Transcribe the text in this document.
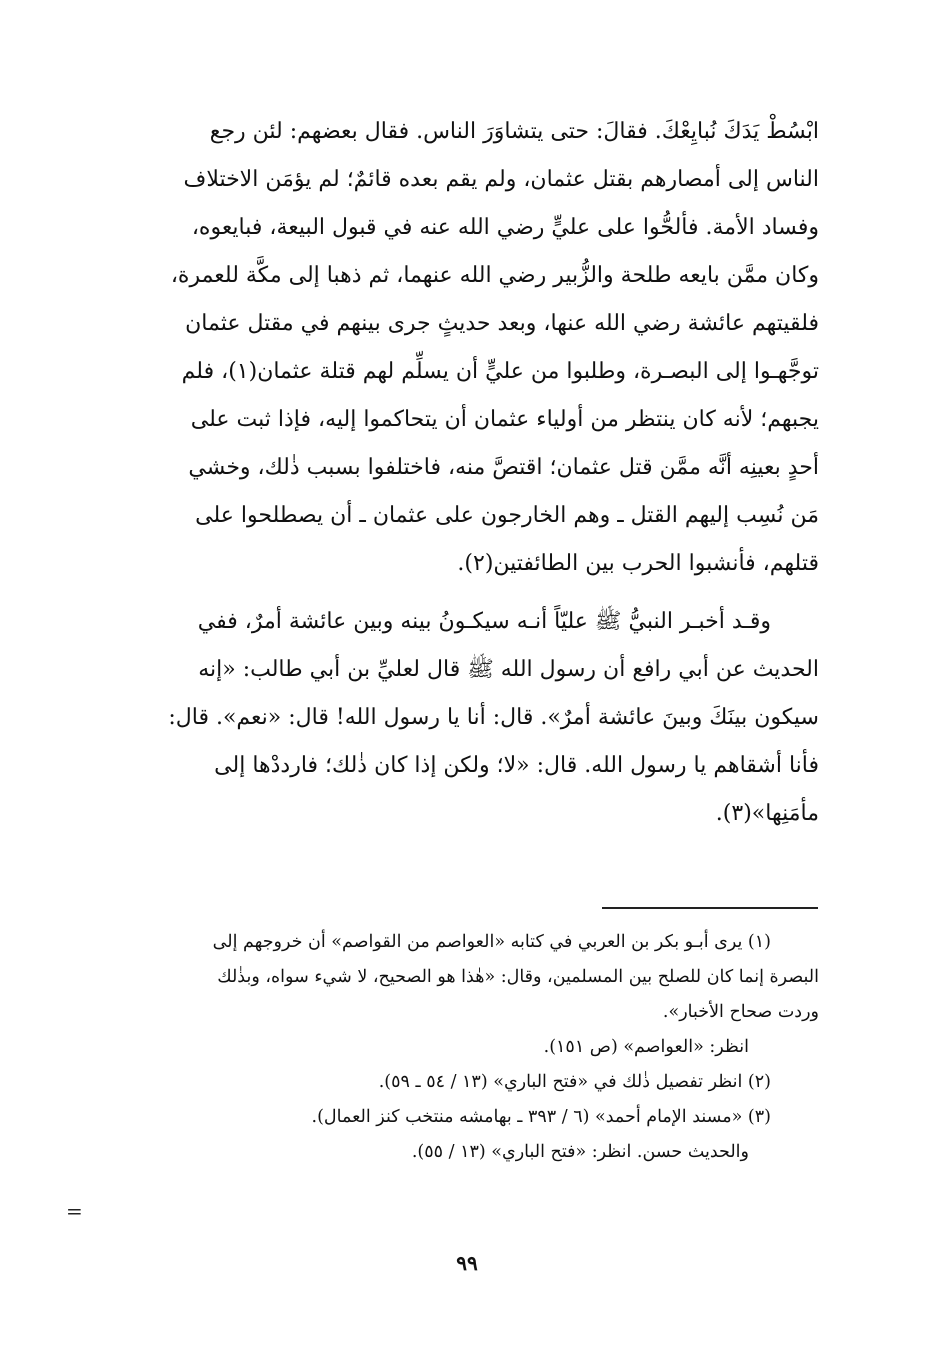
ابْسُطْ يَدَكَ نُبايِعْكَ. فقالَ: حتى يتشاوَرَ الناس. فقال بعضهم: لئن رجع
الناس إلى أمصارهم بقتل عثمان، ولم يقم بعده قائمٌ؛ لم يؤمَن الاختلاف
وفساد الأمة. فألحُّوا على عليٍّ رضي الله عنه في قبول البيعة، فبايعوه،
وكان ممَّن بايعه طلحة والزُّبير رضي الله عنهما، ثم ذهبا إلى مكَّة للعمرة،
فلقيتهم عائشة رضي الله عنها، وبعد حديثٍ جرى بينهم في مقتل عثمان
توجَّهـوا إلى البصـرة، وطلبوا من عليٍّ أن يسلِّم لهم قتلة عثمان(١)، فلم
يجبهم؛ لأنه كان ينتظر من أولياء عثمان أن يتحاكموا إليه، فإذا ثبت على
أحدٍ بعينِه أنَّه ممَّن قتل عثمان؛ اقتصَّ منه، فاختلفوا بسبب ذٰلك، وخشي
مَن نُسِب إليهم القتل ـ وهم الخارجون على عثمان ـ أن يصطلحوا على
قتلهم، فأنشبوا الحرب بين الطائفتين(٢).
وقـد أخبـر النبيُّ ﷺ عليّاً أنـه سيكـونُ بينه وبين عائشة أمرٌ، ففي
الحديث عن أبي رافع أن رسول الله ﷺ قال لعليِّ بن أبي طالب: «إنه
سيكون بينَكَ وبينَ عائشة أمرٌ». قال: أنا يا رسول الله! قال: «نعم». قال:
فأنا أشقاهم يا رسول الله. قال: «لا؛ ولكن إذا كان ذٰلك؛ فارددْها إلى
مأمَنِها»(٣).
(١) يرى أبـو بكر بن العربي في كتابه «العواصم من القواصم» أن خروجهم إلى
البصرة إنما كان للصلح بين المسلمين، وقال: «هٰذا هو الصحيح، لا شيء سواه، وبذٰلك
وردت صحاح الأخبار».
انظر: «العواصم» (ص ١٥١).
(٢) انظر تفصيل ذٰلك في «فتح الباري» (١٣ / ٥٤ ـ ٥٩).
(٣) «مسند الإمام أحمد» (٦ / ٣٩٣ ـ بهامشه منتخب كنز العمال).
والحديث حسن. انظر: «فتح الباري» (١٣ / ٥٥).
=
٩٩
